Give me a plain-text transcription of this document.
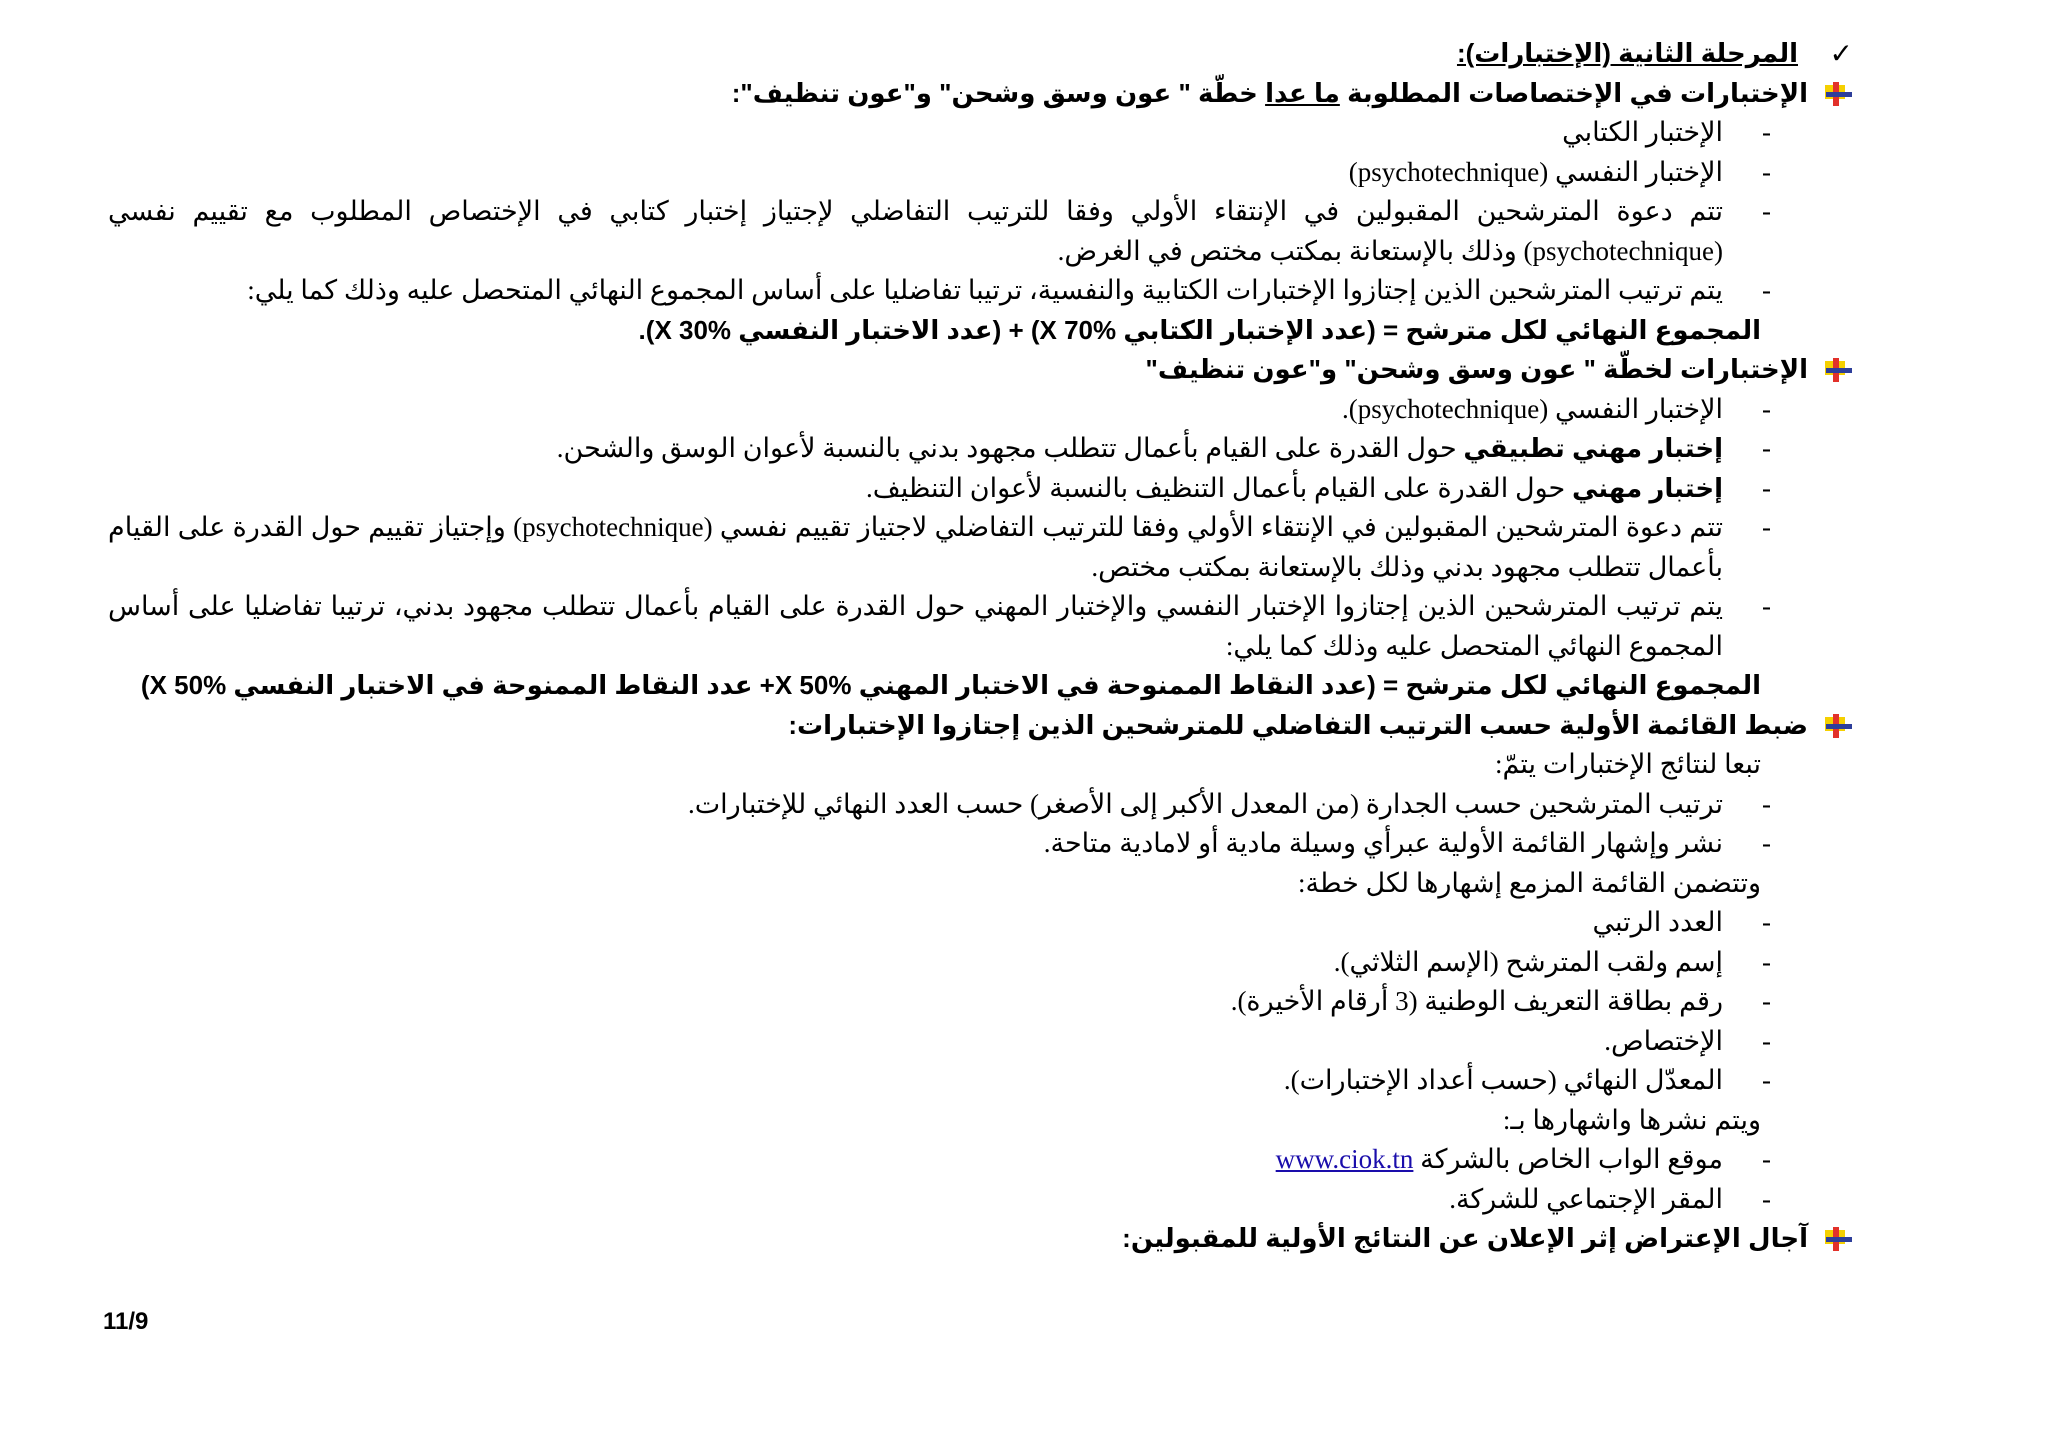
✓
المرحلة الثانية (الإختبارات):
الإختبارات في الإختصاصات المطلوبة ما عدا خطّة " عون وسق وشحن" و"عون تنظيف":
-
الإختبار الكتابي
-
الإختبار النفسي (psychotechnique)
-
تتم دعوة المترشحين المقبولين في الإنتقاء الأولي وفقا للترتيب التفاضلي لإجتياز إختبار كتابي في الإختصاص المطلوب مع تقييم نفسي (psychotechnique) وذلك بالإستعانة بمكتب مختص في الغرض.
-
يتم ترتيب المترشحين الذين إجتازوا الإختبارات الكتابية والنفسية، ترتيبا تفاضليا على أساس المجموع النهائي المتحصل عليه وذلك كما يلي:
المجموع النهائي لكل مترشح = (عدد الإختبار الكتابي X 70%) + (عدد الاختبار النفسي X 30%).
الإختبارات لخطّة " عون وسق وشحن" و"عون تنظيف"
-
الإختبار النفسي (psychotechnique).
-
إختبار مهني تطبيقي حول القدرة على القيام بأعمال تتطلب مجهود بدني بالنسبة لأعوان الوسق والشحن.
-
إختبار مهني حول القدرة على القيام بأعمال التنظيف بالنسبة لأعوان التنظيف.
-
تتم دعوة المترشحين المقبولين في الإنتقاء الأولي وفقا للترتيب التفاضلي لاجتياز تقييم نفسي (psychotechnique) وإجتياز تقييم حول القدرة على القيام بأعمال تتطلب مجهود بدني وذلك بالإستعانة بمكتب مختص.
-
يتم ترتيب المترشحين الذين إجتازوا الإختبار النفسي والإختبار المهني حول القدرة على القيام بأعمال تتطلب مجهود بدني، ترتيبا تفاضليا على أساس المجموع النهائي المتحصل عليه وذلك كما يلي:
المجموع النهائي لكل مترشح = (عدد النقاط الممنوحة في الاختبار المهني X 50%+ عدد النقاط الممنوحة في الاختبار النفسي X 50%)
ضبط القائمة الأولية حسب الترتيب التفاضلي للمترشحين الذين إجتازوا الإختبارات:
تبعا لنتائج الإختبارات يتمّ:
-
ترتيب المترشحين حسب الجدارة (من المعدل الأكبر إلى الأصغر) حسب العدد النهائي للإختبارات.
-
نشر وإشهار القائمة الأولية عبرأي وسيلة مادية أو لامادية متاحة.
وتتضمن القائمة المزمع إشهارها لكل خطة:
-
العدد الرتبي
-
إسم ولقب المترشح (الإسم الثلاثي).
-
رقم بطاقة التعريف الوطنية (3 أرقام الأخيرة).
-
الإختصاص.
-
المعدّل النهائي (حسب أعداد الإختبارات).
ويتم نشرها واشهارها بـ:
-
موقع الواب الخاص بالشركة www.ciok.tn
-
المقر الإجتماعي للشركة.
آجال الإعتراض إثر الإعلان عن النتائج الأولية للمقبولين:
11/9
